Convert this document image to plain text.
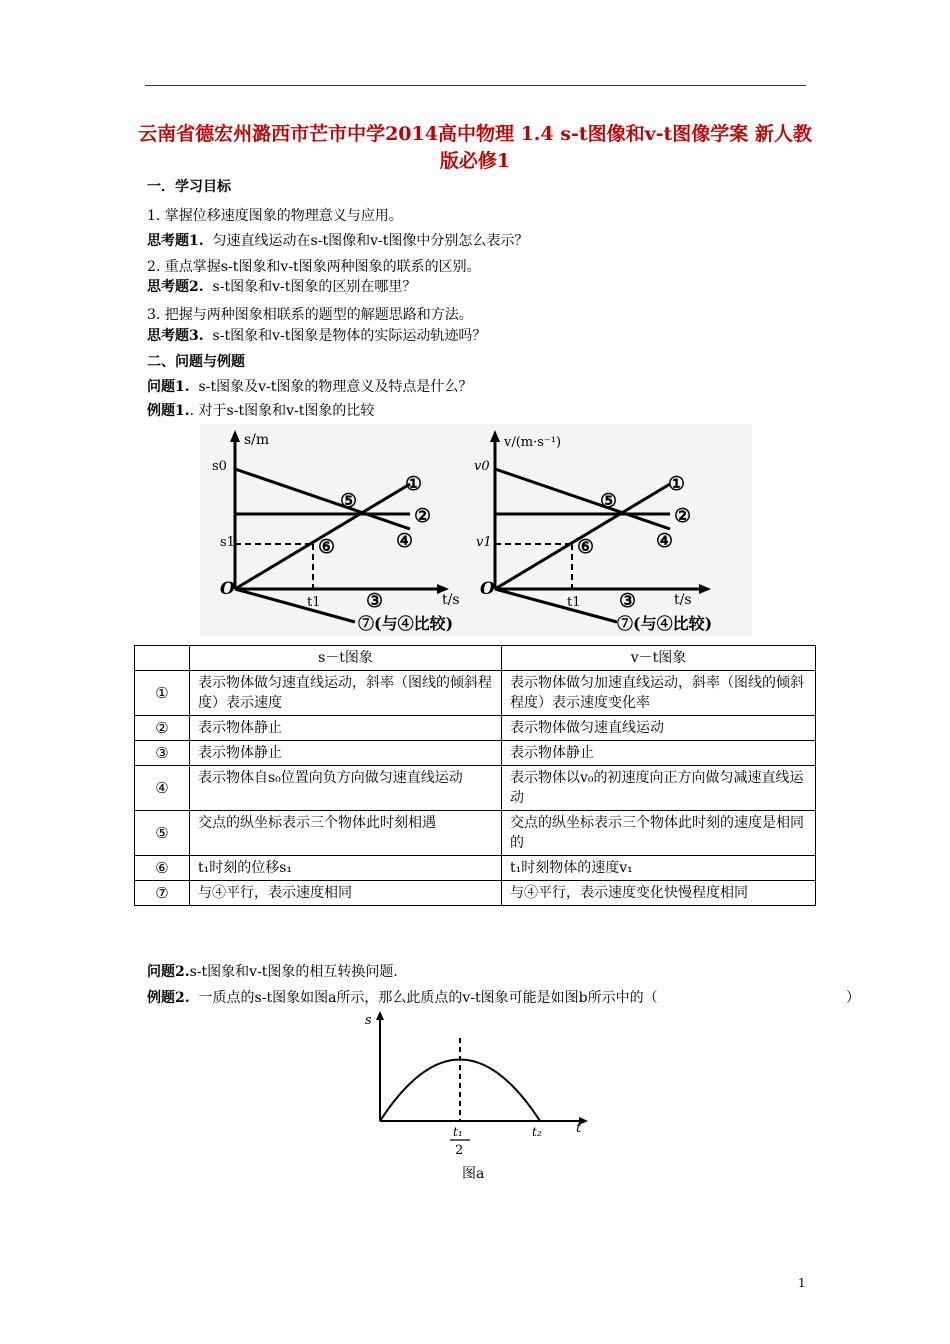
云南省德宏州潞西市芒市中学2014高中物理 1.4 s-t图像和v-t图像学案 新人教版必修1
一．学习目标
1. 掌握位移速度图象的物理意义与应用。
思考题1. 匀速直线运动在s-t图像和v-t图像中分别怎么表示？
2. 重点掌握s-t图象和v-t图象两种图象的联系的区别。
思考题2. s-t图象和v-t图象的区别在哪里？
3. 把握与两种图象相联系的题型的解题思路和方法。
思考题3. s-t图象和v-t图象是物体的实际运动轨迹吗？
二、问题与例题
问题1. s-t图象及v-t图象的物理意义及特点是什么？
例题1.. 对于s-t图象和v-t图象的比较
s/m
s0
s1
O
t1	t/s
①
②
③
④
⑤
⑥
⑦(与④比较)
v/(m·s⁻¹)
v0
v1
O
t1	t/s
①
②
③
④
⑤
⑥
⑦(与④比较)
	s－t图象	v－t图象
①	表示物体做匀速直线运动，斜率（图线的倾斜程度）表示速度	表示物体做匀加速直线运动，斜率（图线的倾斜程度）表示速度变化率
②	表示物体静止	表示物体做匀速直线运动
③	表示物体静止	表示物体静止
④	表示物体自s₀位置向负方向做匀速直线运动	表示物体以v₀的初速度向正方向做匀减速直线运动
⑤	交点的纵坐标表示三个物体此时刻相遇	交点的纵坐标表示三个物体此时刻的速度是相同的
⑥	t₁时刻的位移s₁	t₁时刻物体的速度v₁
⑦	与④平行，表示速度相同	与④平行，表示速度变化快慢程度相同
问题2.s-t图象和v-t图象的相互转换问题.
例题2. 一质点的s-t图象如图a所示，那么此质点的v-t图象可能是如图b所示中的（	）
s
t
t₁
2
t₂
图a
1
